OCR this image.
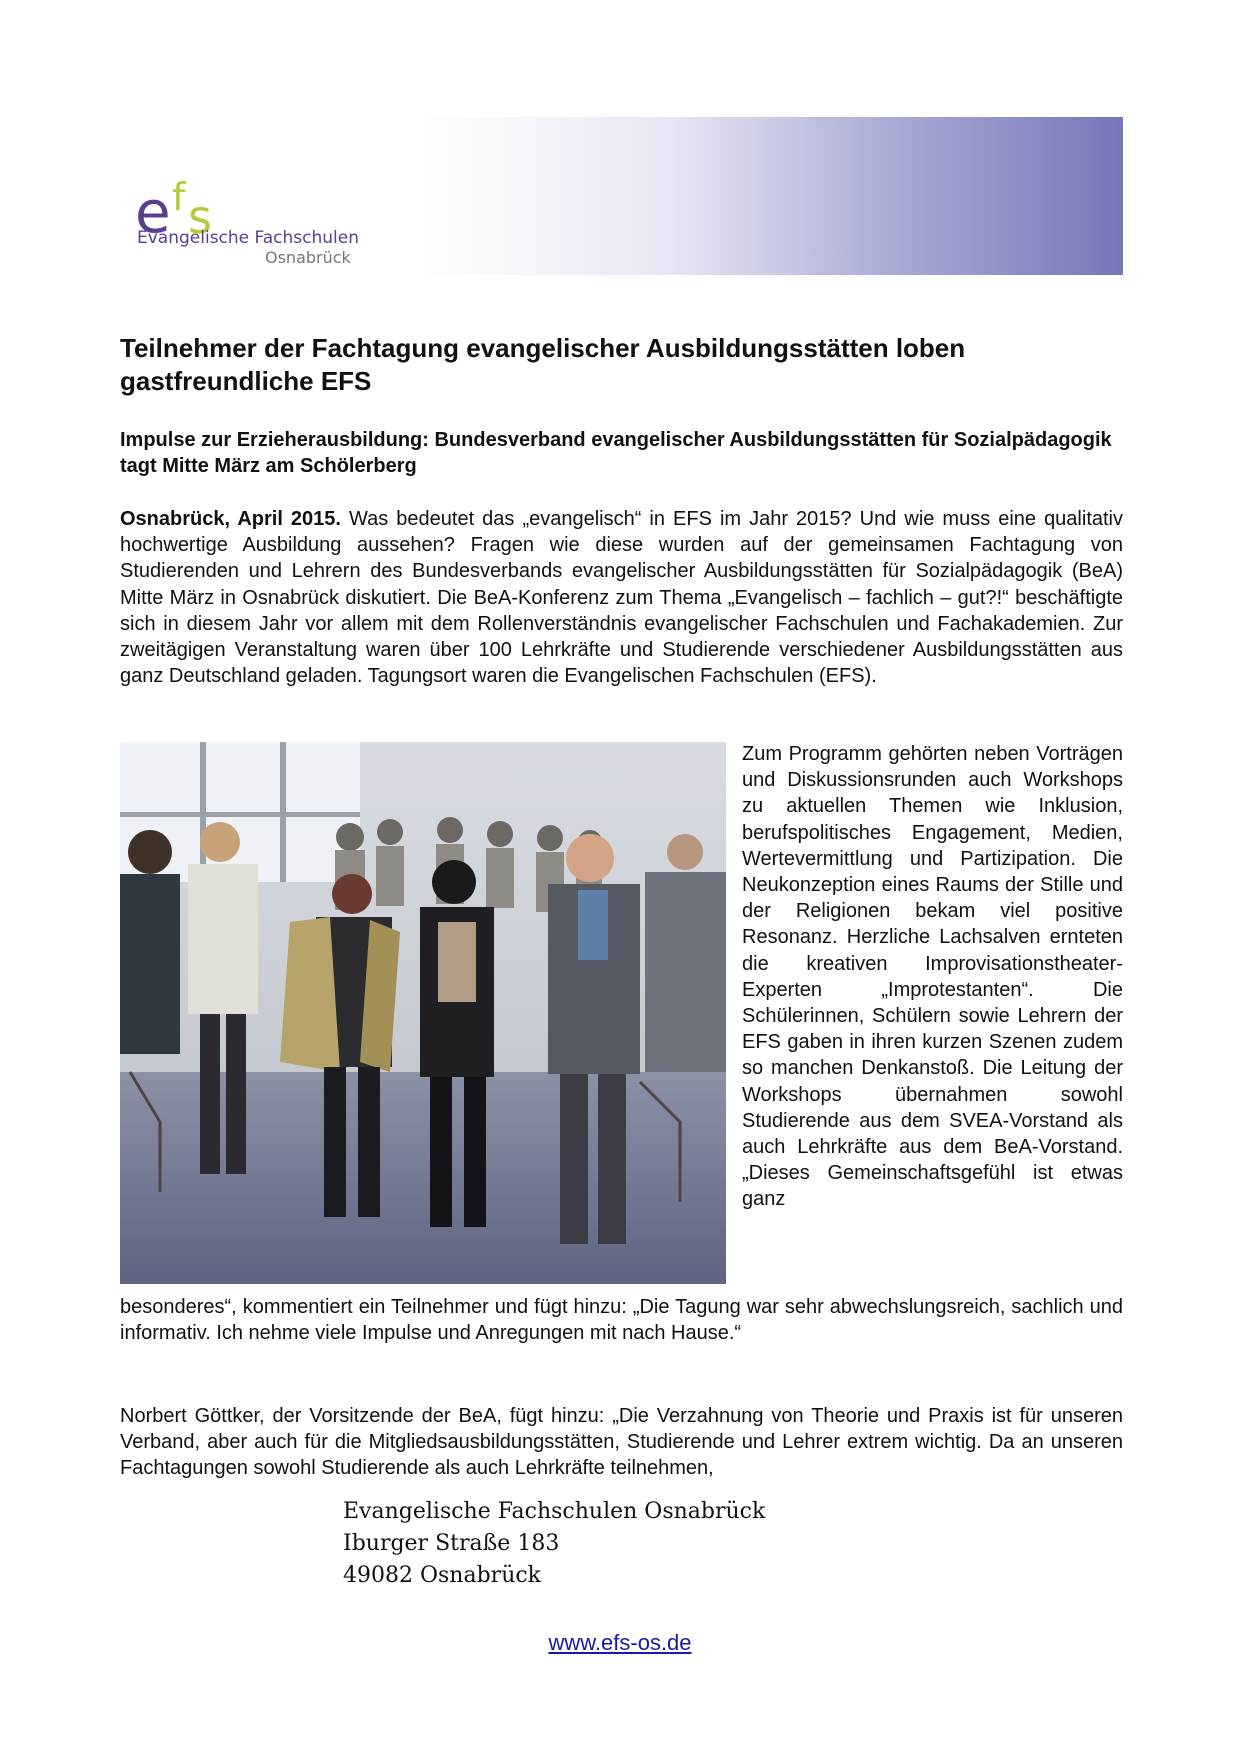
e f s
Evangelische Fachschulen
Osnabrück
Teilnehmer der Fachtagung evangelischer Ausbildungsstätten loben gastfreundliche EFS
Impulse zur Erzieherausbildung: Bundesverband evangelischer Ausbildungsstätten für Sozialpädagogik tagt Mitte März am Schölerberg

Osnabrück, April 2015. Was bedeutet das „evangelisch“ in EFS im Jahr 2015? Und wie muss eine qualitativ hochwertige Ausbildung aussehen? Fragen wie diese wurden auf der gemeinsamen Fachtagung von Studierenden und Lehrern des Bundesverbands evangelischer Ausbildungsstätten für Sozialpädagogik (BeA) Mitte März in Osnabrück diskutiert. Die BeA-Konferenz zum Thema „Evangelisch – fachlich – gut?!“ beschäftigte sich in diesem Jahr vor allem mit dem Rollenverständnis evangelischer Fachschulen und Fachakademien. Zur zweitägigen Veranstaltung waren über 100 Lehrkräfte und Studierende verschiedener Ausbildungsstätten aus ganz Deutschland geladen. Tagungsort waren die Evangelischen Fachschulen (EFS).

Zum Programm gehörten neben Vorträgen und Diskussionsrunden auch Workshops zu aktuellen Themen wie Inklusion, berufspolitisches Engagement, Medien, Wertevermittlung und Partizipation. Die Neukonzeption eines Raums der Stille und der Religionen bekam viel positive Resonanz. Herzliche Lachsalven ernteten die kreativen Improvisationstheater-Experten „Improtestanten“. Die Schülerinnen, Schülern sowie Lehrern der EFS gaben in ihren kurzen Szenen zudem so manchen Denkanstoß. Die Leitung der Workshops übernahmen sowohl Studierende aus dem SVEA-Vorstand als auch Lehrkräfte aus dem BeA-Vorstand. „Dieses Gemeinschaftsgefühl ist etwas ganz

besonderes“, kommentiert ein Teilnehmer und fügt hinzu: „Die Tagung war sehr abwechslungsreich, sachlich und informativ. Ich nehme viele Impulse und Anregungen mit nach Hause.“

Norbert Göttker, der Vorsitzende der BeA, fügt hinzu: „Die Verzahnung von Theorie und Praxis ist für unseren Verband, aber auch für die Mitgliedsausbildungsstätten, Studierende und Lehrer extrem wichtig. Da an unseren Fachtagungen sowohl Studierende als auch Lehrkräfte teilnehmen,

Evangelische Fachschulen Osnabrück
Iburger Straße 183
49082 Osnabrück
www.efs-os.de
